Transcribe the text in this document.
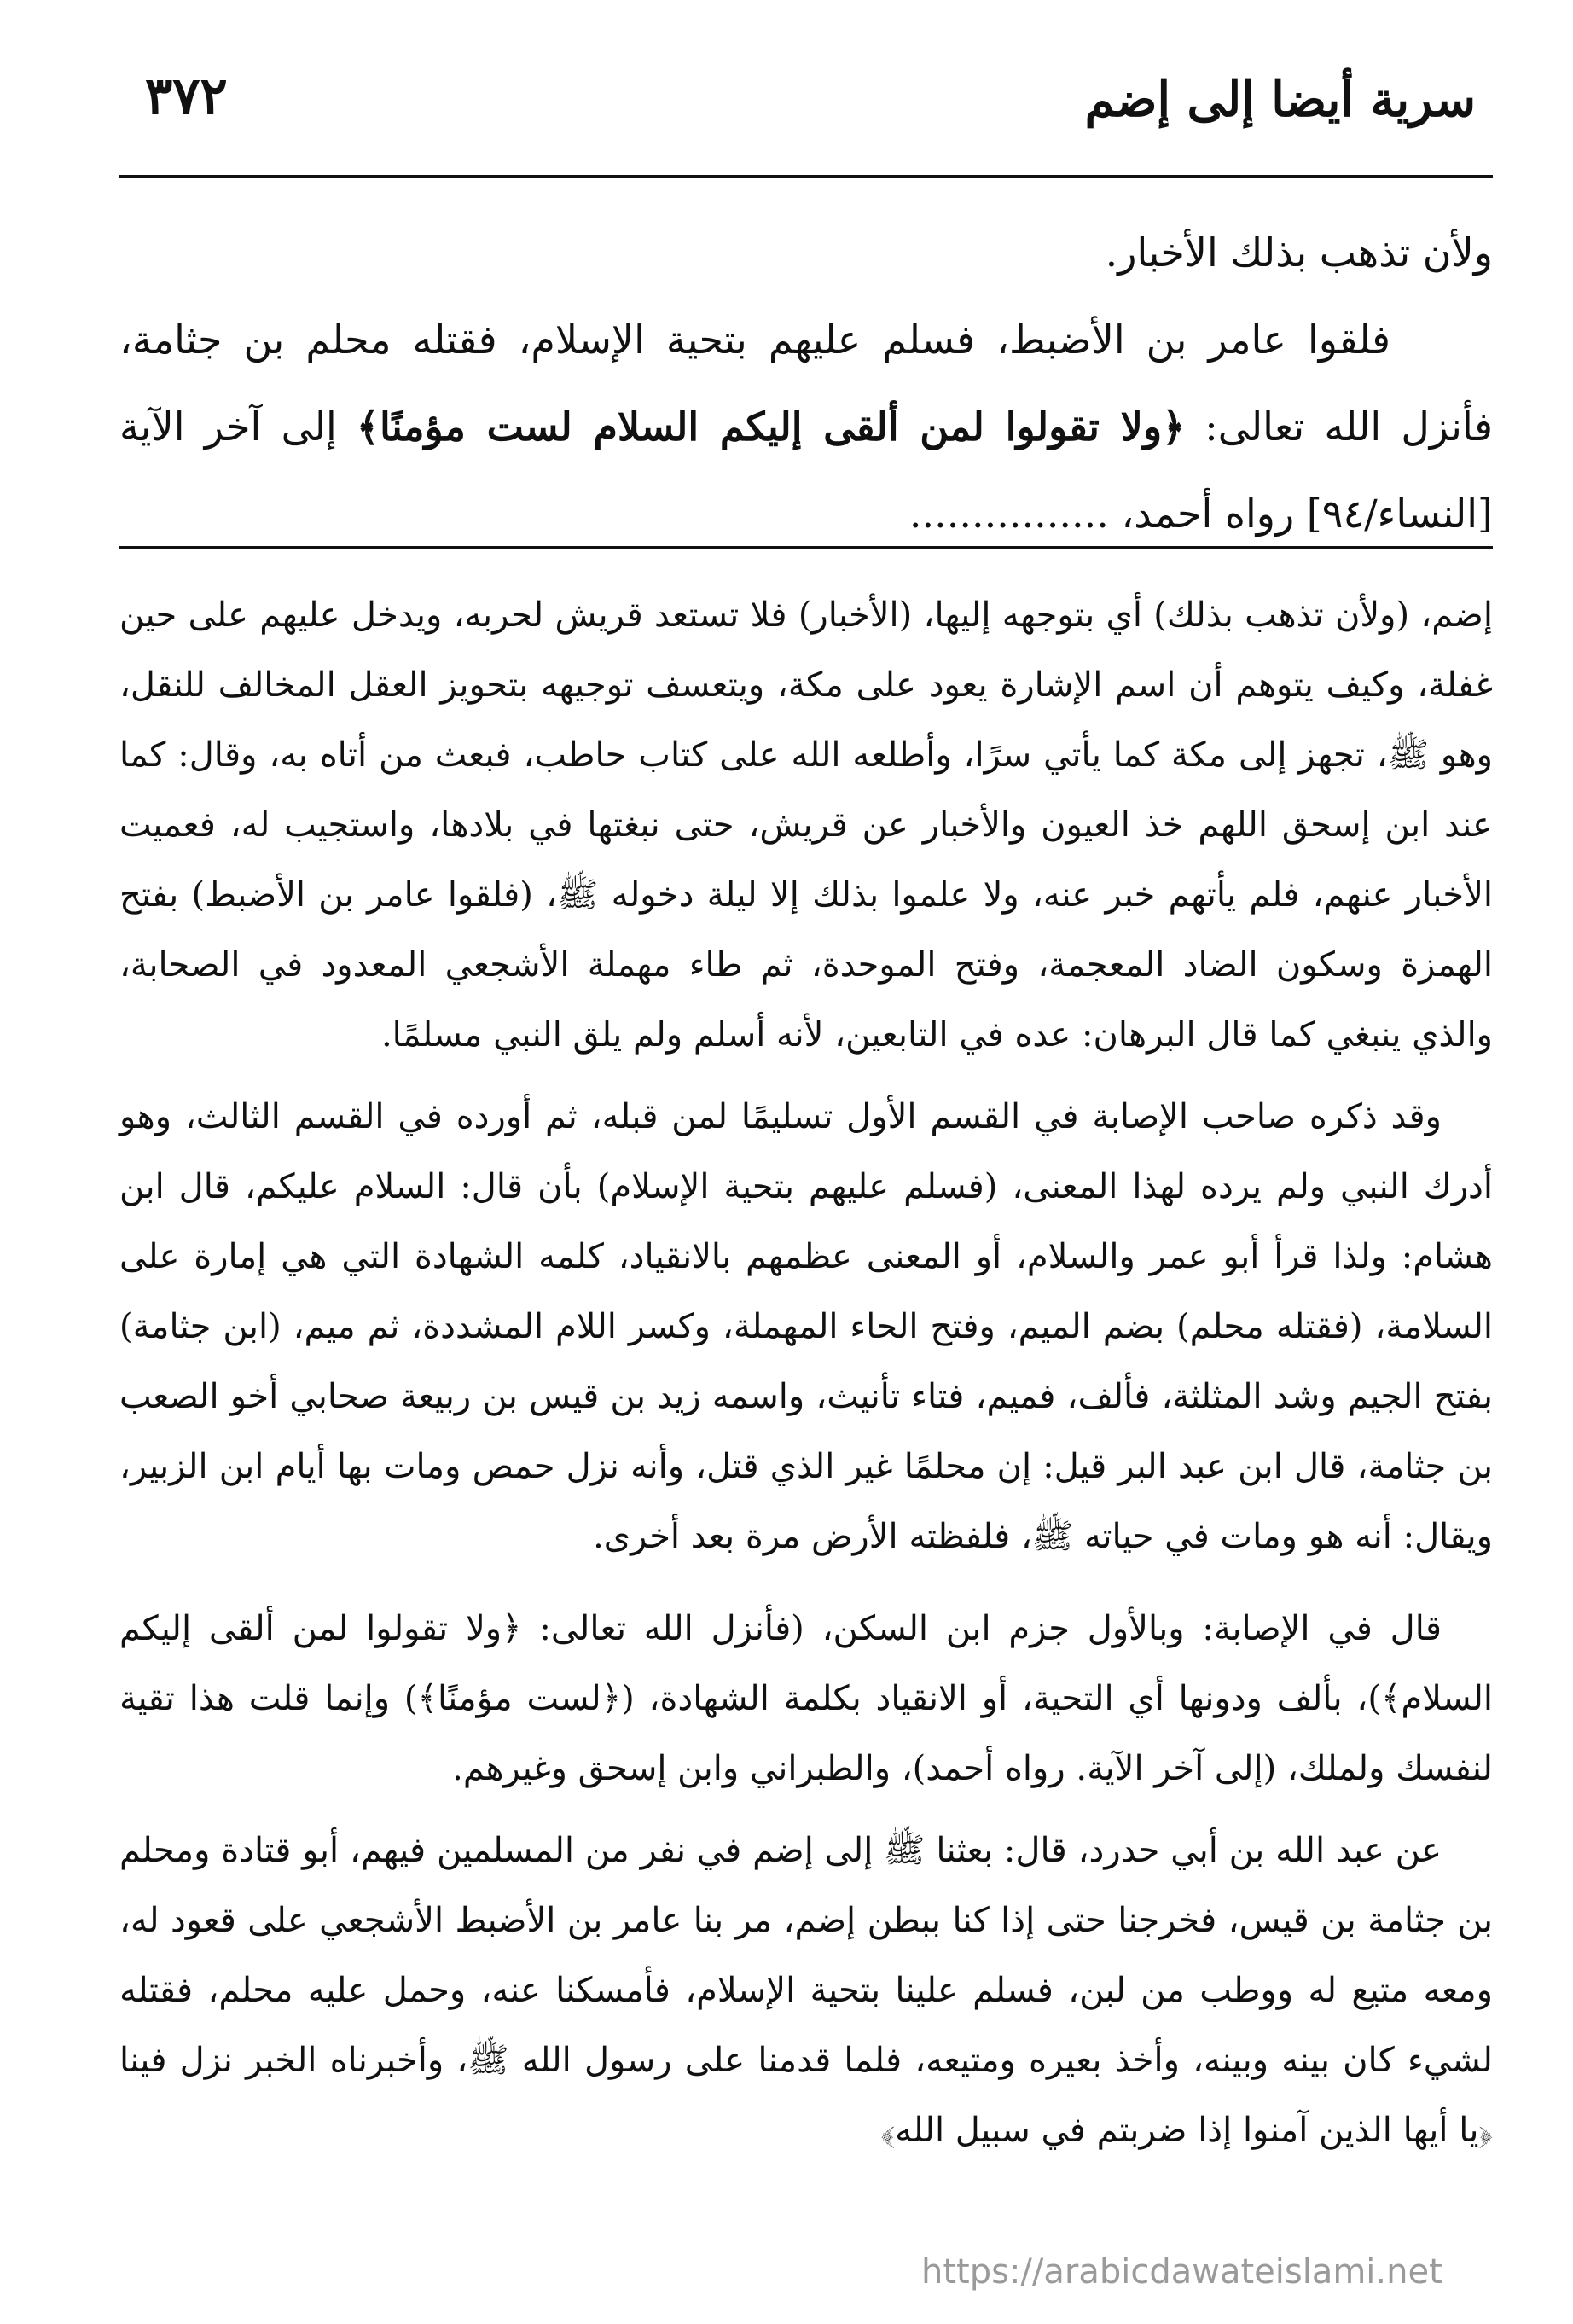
٣٧٢	سرية أيضا إلى إضم

ولأن تذهب بذلك الأخبار.

فلقوا عامر بن الأضبط، فسلم عليهم بتحية الإسلام، فقتله محلم بن جثامة، فأنزل الله تعالى: ﴿ولا تقولوا لمن ألقى إليكم السلام لست مؤمنًا﴾ إلى آخر الآية [النساء/٩٤] رواه أحمد، ................

إضم، (ولأن تذهب بذلك) أي بتوجهه إليها، (الأخبار) فلا تستعد قريش لحربه، ويدخل عليهم على حين غفلة، وكيف يتوهم أن اسم الإشارة يعود على مكة، ويتعسف توجيهه بتحويز العقل المخالف للنقل، وهو ﷺ، تجهز إلى مكة كما يأتي سرًا، وأطلعه الله على كتاب حاطب، فبعث من أتاه به، وقال: كما عند ابن إسحق اللهم خذ العيون والأخبار عن قريش، حتى نبغتها في بلادها، واستجيب له، فعميت الأخبار عنهم، فلم يأتهم خبر عنه، ولا علموا بذلك إلا ليلة دخوله ﷺ، (فلقوا عامر بن الأضبط) بفتح الهمزة وسكون الضاد المعجمة، وفتح الموحدة، ثم طاء مهملة الأشجعي المعدود في الصحابة، والذي ينبغي كما قال البرهان: عده في التابعين، لأنه أسلم ولم يلق النبي مسلمًا.

وقد ذكره صاحب الإصابة في القسم الأول تسليمًا لمن قبله، ثم أورده في القسم الثالث، وهو أدرك النبي ولم يرده لهذا المعنى، (فسلم عليهم بتحية الإسلام) بأن قال: السلام عليكم، قال ابن هشام: ولذا قرأ أبو عمر والسلام، أو المعنى عظمهم بالانقياد، كلمه الشهادة التي هي إمارة على السلامة، (فقتله محلم) بضم الميم، وفتح الحاء المهملة، وكسر اللام المشددة، ثم ميم، (ابن جثامة) بفتح الجيم وشد المثلثة، فألف، فميم، فتاء تأنيث، واسمه زيد بن قيس بن ربيعة صحابي أخو الصعب بن جثامة، قال ابن عبد البر قيل: إن محلمًا غير الذي قتل، وأنه نزل حمص ومات بها أيام ابن الزبير، ويقال: أنه هو ومات في حياته ﷺ، فلفظته الأرض مرة بعد أخرى.

قال في الإصابة: وبالأول جزم ابن السكن، (فأنزل الله تعالى: ﴿ولا تقولوا لمن ألقى إليكم السلام﴾)، بألف ودونها أي التحية، أو الانقياد بكلمة الشهادة، (﴿لست مؤمنًا﴾) وإنما قلت هذا تقية لنفسك ولملك، (إلى آخر الآية. رواه أحمد)، والطبراني وابن إسحق وغيرهم.

عن عبد الله بن أبي حدرد، قال: بعثنا ﷺ إلى إضم في نفر من المسلمين فيهم، أبو قتادة ومحلم بن جثامة بن قيس، فخرجنا حتى إذا كنا ببطن إضم، مر بنا عامر بن الأضبط الأشجعي على قعود له، ومعه متيع له ووطب من لبن، فسلم علينا بتحية الإسلام، فأمسكنا عنه، وحمل عليه محلم، فقتله لشيء كان بينه وبينه، وأخذ بعيره ومتيعه، فلما قدمنا على رسول الله ﷺ، وأخبرناه الخبر نزل فينا ﴿يا أيها الذين آمنوا إذا ضربتم في سبيل الله﴾

https://arabicdawateislami.net
